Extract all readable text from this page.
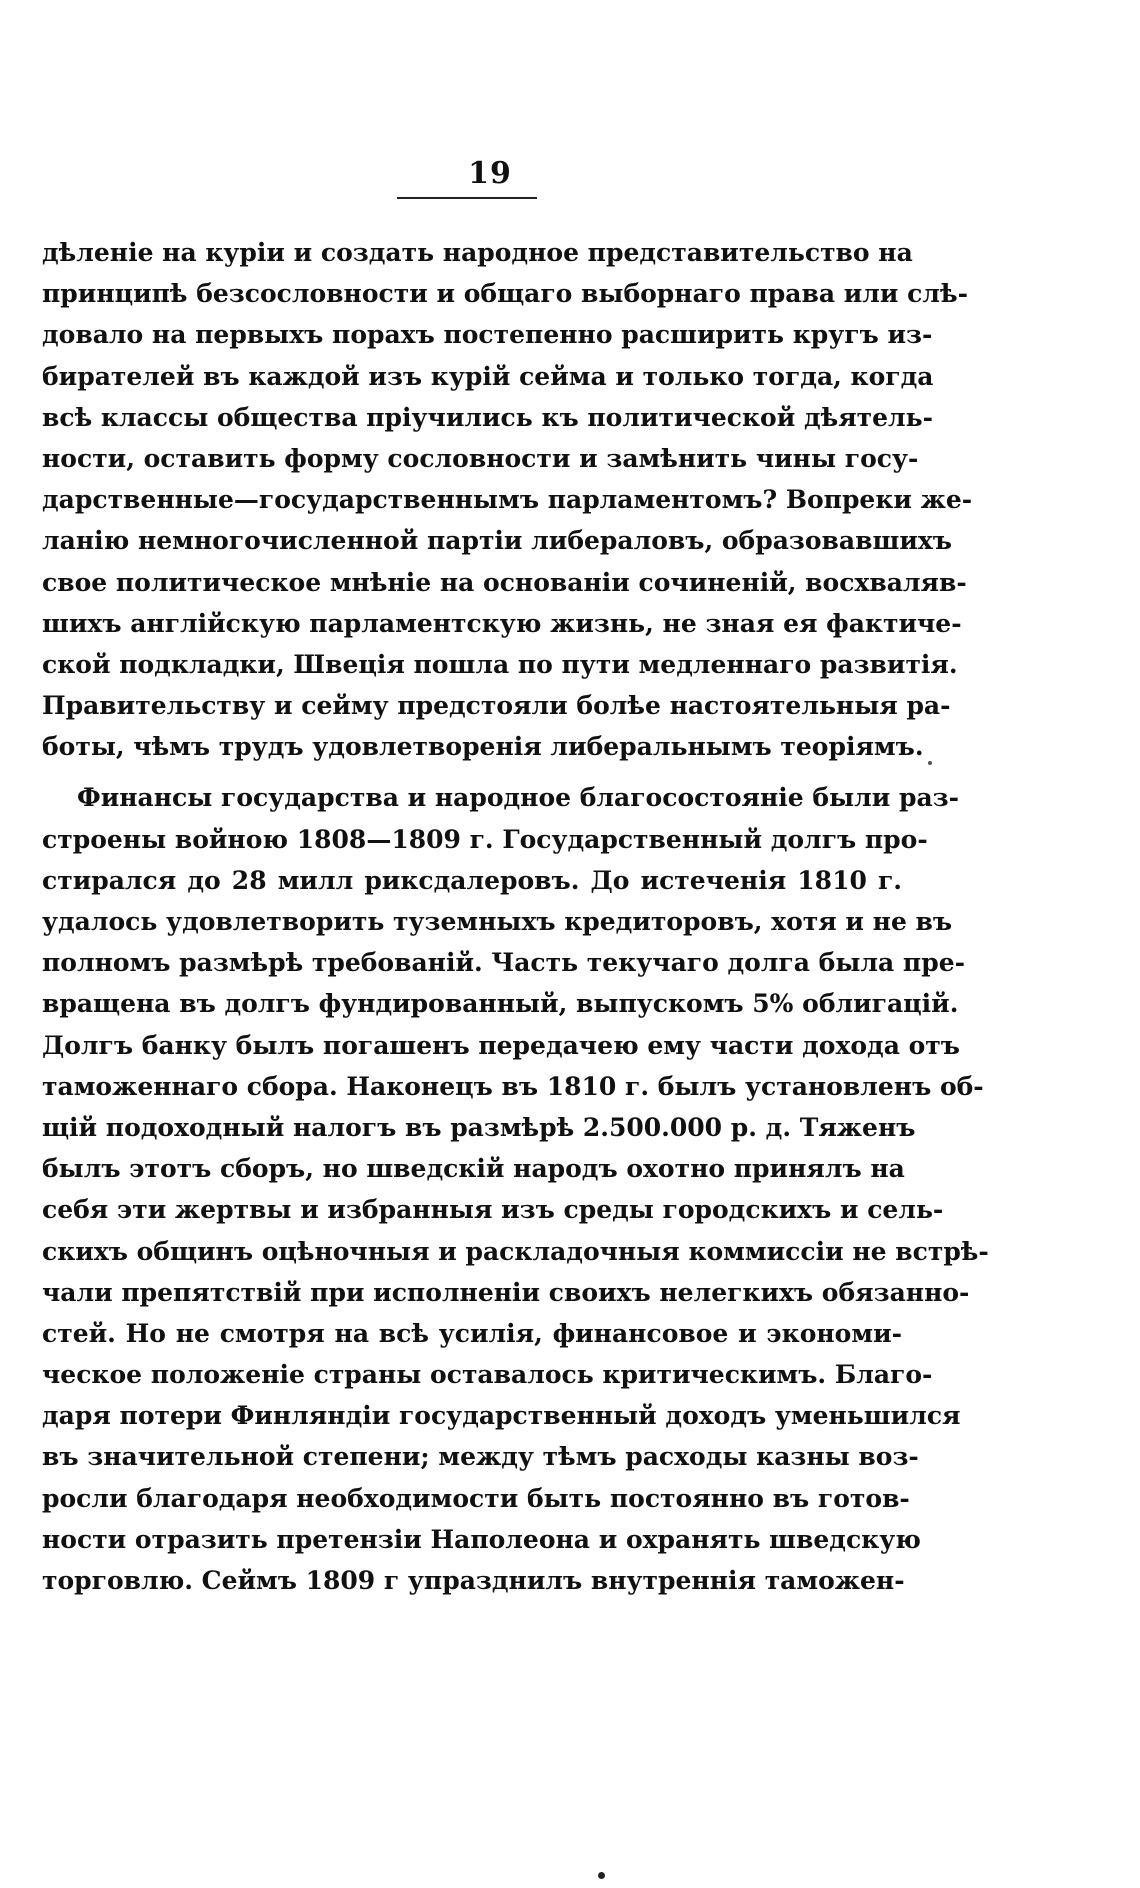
19
дѣленіе на куріи и создать народное представительство на
принципѣ безсословности и общаго выборнаго права или слѣ-
довало на первыхъ порахъ постепенно расширить кругъ из-
бирателей въ каждой изъ курій сейма и только тогда, когда
всѣ классы общества пріучились къ политической дѣятель-
ности, оставить форму сословности и замѣнить чины госу-
дарственные—государственнымъ парламентомъ? Вопреки же-
ланію немногочисленной партіи либераловъ, образовавшихъ
свое политическое мнѣніе на основаніи сочиненій, восхваляв-
шихъ англійскую парламентскую жизнь, не зная ея фактиче-
ской подкладки, Швеція пошла по пути медленнаго развитія.
Правительству и сейму предстояли болѣе настоятельныя ра-
боты, чѣмъ трудъ удовлетворенія либеральнымъ теоріямъ.
Финансы государства и народное благосостояніе были раз-
строены войною 1808—1809 г. Государственный долгъ про-
стирался до 28 милл риксдалеровъ. До истеченія 1810 г.
удалось удовлетворить туземныхъ кредиторовъ, хотя и не въ
полномъ размѣрѣ требованій. Часть текучаго долга была пре-
вращена въ долгъ фундированный, выпускомъ 5% облигацій.
Долгъ банку былъ погашенъ передачею ему части дохода отъ
таможеннаго сбора. Наконецъ въ 1810 г. былъ установленъ об-
щій подоходный налогъ въ размѣрѣ 2.500.000 р. д. Тяженъ
былъ этотъ сборъ, но шведскій народъ охотно принялъ на
себя эти жертвы и избранныя изъ среды городскихъ и сель-
скихъ общинъ оцѣночныя и раскладочныя коммиссіи не встрѣ-
чали препятствій при исполненіи своихъ нелегкихъ обязанно-
стей. Но не смотря на всѣ усилія, финансовое и экономи-
ческое положеніе страны оставалось критическимъ. Благо-
даря потери Финляндіи государственный доходъ уменьшился
въ значительной степени; между тѣмъ расходы казны воз-
росли благодаря необходимости быть постоянно въ готов-
ности отразить претензіи Наполеона и охранять шведскую
торговлю. Сеймъ 1809 г упразднилъ внутреннія таможен-
